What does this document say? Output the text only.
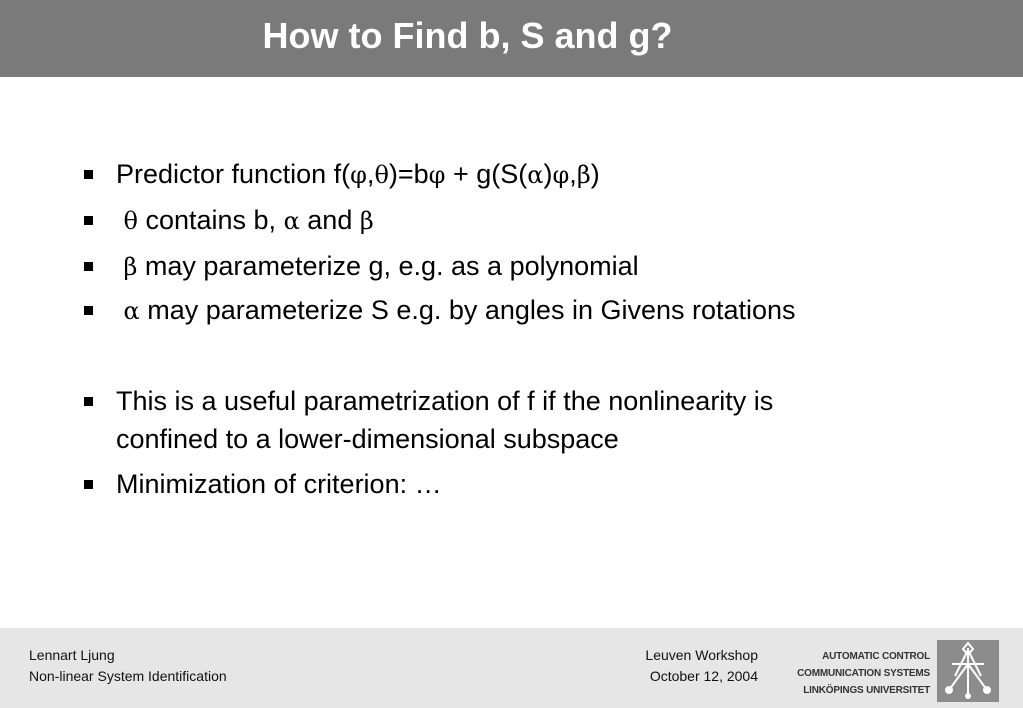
How to Find b, S and g?
Predictor function f(φ,θ)=bφ + g(S(α)φ,β)
θ contains b, α and β
β may parameterize g, e.g. as a polynomial
α may parameterize S e.g. by angles in Givens rotations
This is a useful parametrization of f if the nonlinearity is
confined to a lower-dimensional subspace
Minimization of criterion: …
Lennart Ljung
Non-linear System Identification
Leuven Workshop
October 12, 2004
AUTOMATIC CONTROL
COMMUNICATION SYSTEMS
LINKÖPINGS UNIVERSITET
